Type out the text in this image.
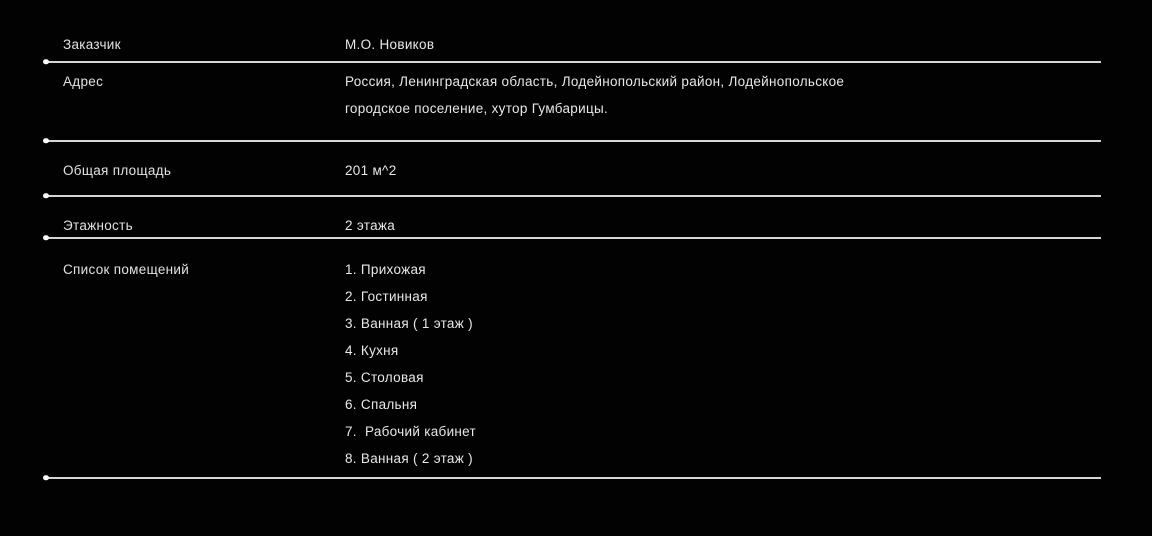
Заказчик	М.О. Новиков
Адрес	Россия, Ленинградская область, Лодейнопольский район, Лодейнопольское
городское поселение, хутор Гумбарицы.
Общая площадь	201 м^2
Этажность	2 этажа
Список помещений	1. Прихожая
2. Гостинная
3. Ванная ( 1 этаж )
4. Кухня
5. Столовая
6. Спальня
7.  Рабочий кабинет
8. Ванная ( 2 этаж )
